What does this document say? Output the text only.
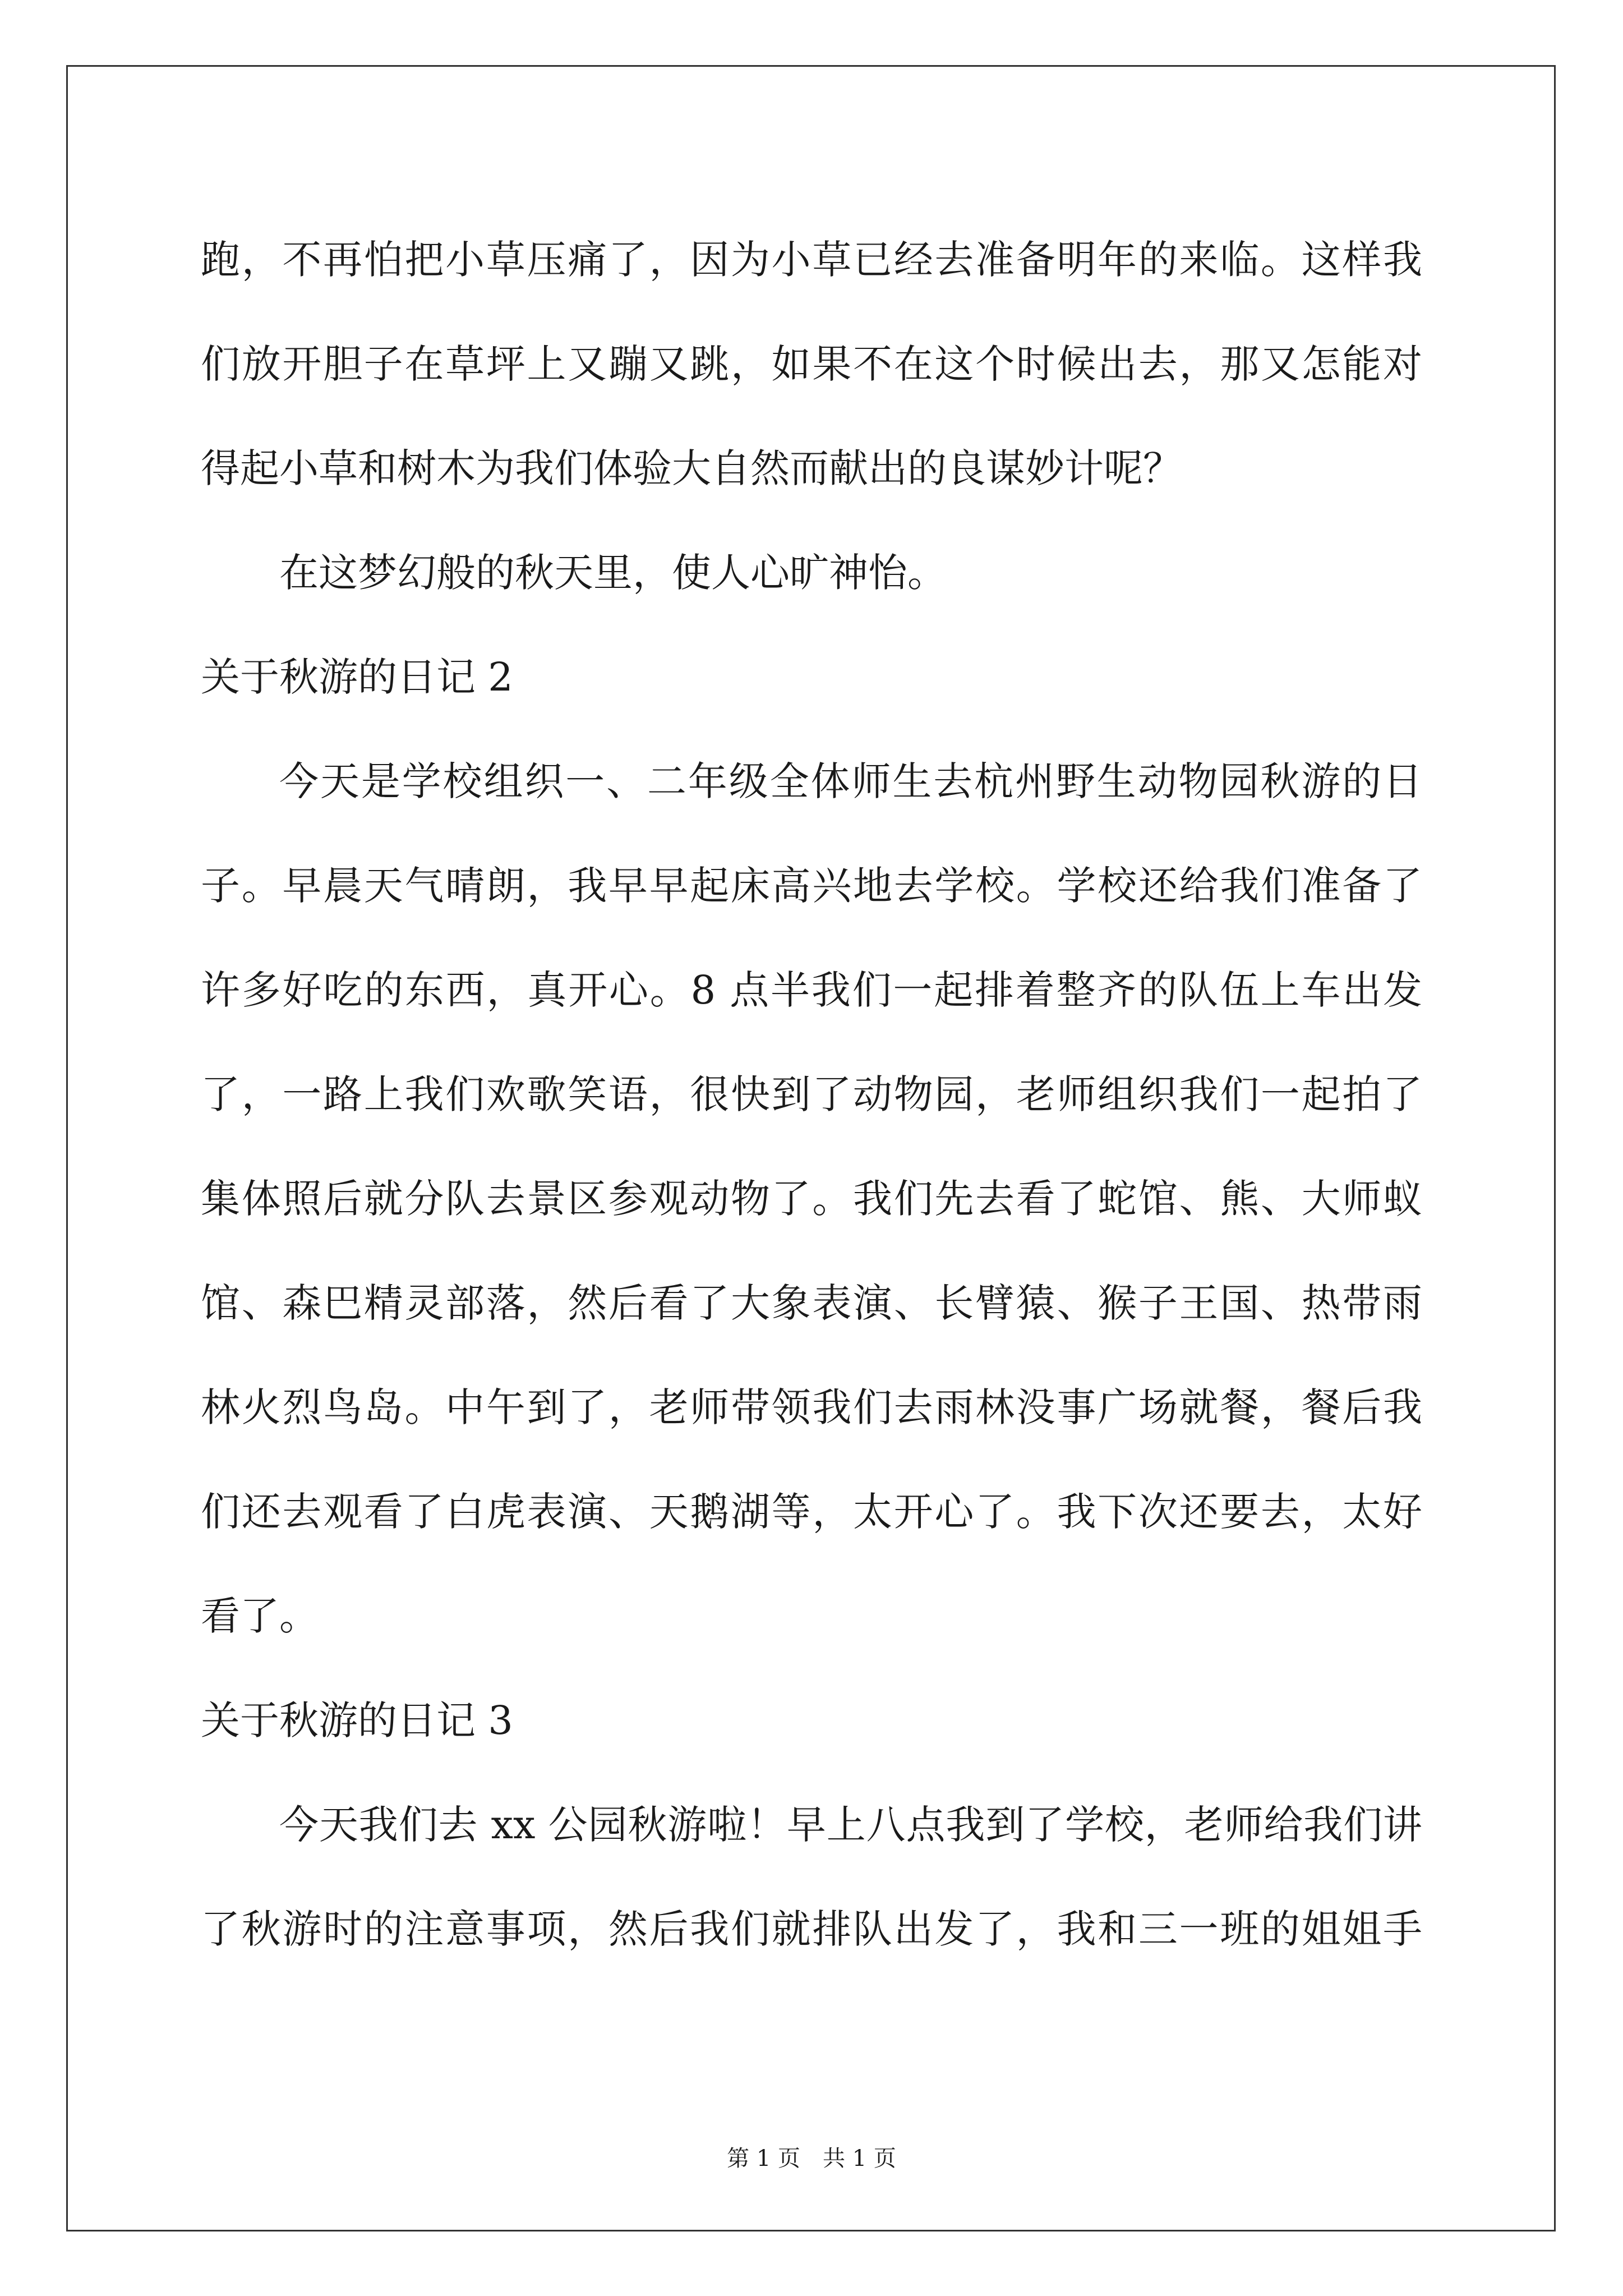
跑，不再怕把小草压痛了，因为小草已经去准备明年的来临。这样我
们放开胆子在草坪上又蹦又跳，如果不在这个时候出去，那又怎能对
得起小草和树木为我们体验大自然而献出的良谋妙计呢？
在这梦幻般的秋天里，使人心旷神怡。
关于秋游的日记 2
今天是学校组织一、二年级全体师生去杭州野生动物园秋游的日
子。早晨天气晴朗，我早早起床高兴地去学校。学校还给我们准备了
许多好吃的东西，真开心。8 点半我们一起排着整齐的队伍上车出发
了，一路上我们欢歌笑语，很快到了动物园，老师组织我们一起拍了
集体照后就分队去景区参观动物了。我们先去看了蛇馆、熊、大师蚁
馆、森巴精灵部落，然后看了大象表演、长臂猿、猴子王国、热带雨
林火烈鸟岛。中午到了，老师带领我们去雨林没事广场就餐，餐后我
们还去观看了白虎表演、天鹅湖等，太开心了。我下次还要去，太好
看了。
关于秋游的日记 3
今天我们去 xx 公园秋游啦！早上八点我到了学校，老师给我们讲
了秋游时的注意事项，然后我们就排队出发了，我和三一班的姐姐手
第 1 页 共 1 页
